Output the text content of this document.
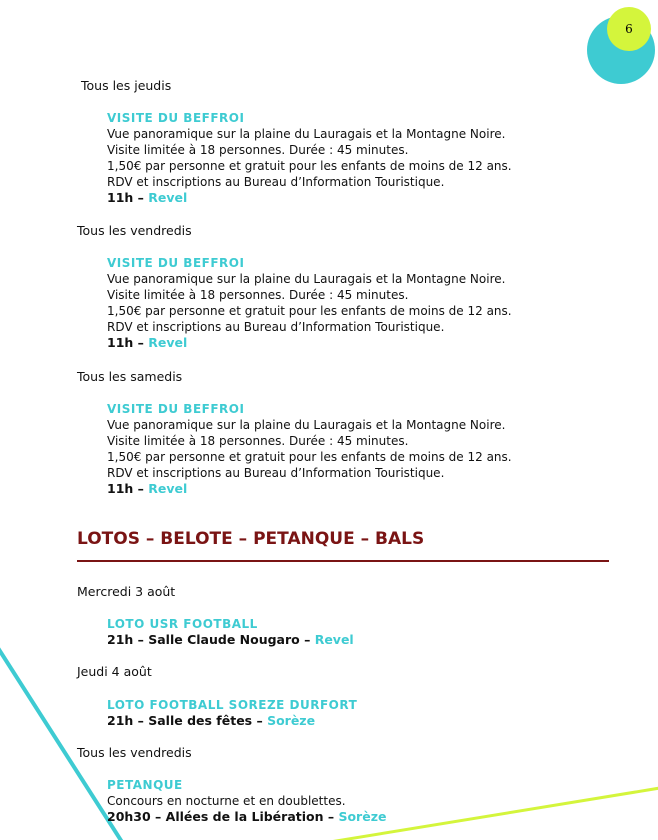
6
Tous les jeudis
VISITE DU BEFFROI
Vue panoramique sur la plaine du Lauragais et la Montagne Noire.
Visite limitée à 18 personnes. Durée : 45 minutes.
1,50€ par personne et gratuit pour les enfants de moins de 12 ans.
RDV et inscriptions au Bureau d’Information Touristique.
11h – Revel
Tous les vendredis
VISITE DU BEFFROI
Vue panoramique sur la plaine du Lauragais et la Montagne Noire.
Visite limitée à 18 personnes. Durée : 45 minutes.
1,50€ par personne et gratuit pour les enfants de moins de 12 ans.
RDV et inscriptions au Bureau d’Information Touristique.
11h – Revel
Tous les samedis
VISITE DU BEFFROI
Vue panoramique sur la plaine du Lauragais et la Montagne Noire.
Visite limitée à 18 personnes. Durée : 45 minutes.
1,50€ par personne et gratuit pour les enfants de moins de 12 ans.
RDV et inscriptions au Bureau d’Information Touristique.
11h – Revel
LOTOS – BELOTE – PETANQUE – BALS
Mercredi 3 août
LOTO USR FOOTBALL
21h – Salle Claude Nougaro – Revel
Jeudi 4 août
LOTO FOOTBALL SOREZE DURFORT
21h – Salle des fêtes – Sorèze
Tous les vendredis
PETANQUE
Concours en nocturne et en doublettes.
20h30 – Allées de la Libération – Sorèze
